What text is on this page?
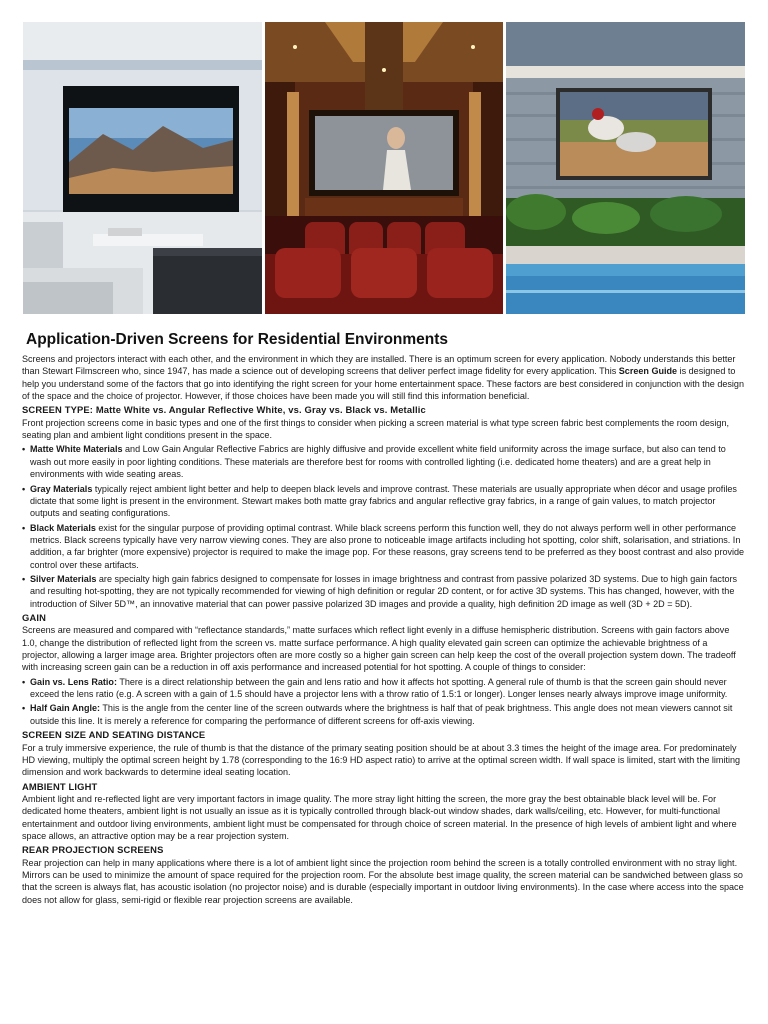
Application-Driven Screens for Residential Environments

Screens and projectors interact with each other, and the environment in which they are installed. There is an optimum screen for every application. Nobody understands this better than Stewart Filmscreen who, since 1947, has made a science out of developing screens that deliver perfect image fidelity for every application. This Screen Guide is designed to help you understand some of the factors that go into identifying the right screen for your home entertainment space. These factors are best considered in conjunction with the design of the space and the choice of projector. However, if those choices have been made you will still find this information beneficial.

SCREEN TYPE: Matte White vs. Angular Reflective White, vs. Gray vs. Black vs. Metallic

Front projection screens come in basic types and one of the first things to consider when picking a screen material is what type screen fabric best complements the room design, seating plan and ambient light conditions present in the space.

• Matte White Materials and Low Gain Angular Reflective Fabrics are highly diffusive and provide excellent white field uniformity across the image surface, but also can tend to wash out more easily in poor lighting conditions. These materials are therefore best for rooms with controlled lighting (i.e. dedicated home theaters) and are a great help in environments with wide seating areas.
• Gray Materials typically reject ambient light better and help to deepen black levels and improve contrast. These materials are usually appropriate when décor and usage profiles dictate that some light is present in the environment. Stewart makes both matte gray fabrics and angular reflective gray fabrics, in a range of gain values, to match projector outputs and seating configurations.
• Black Materials exist for the singular purpose of providing optimal contrast. While black screens perform this function well, they do not always perform well in other performance metrics. Black screens typically have very narrow viewing cones. They are also prone to noticeable image artifacts including hot spotting, color shift, solarisation, and striations. In addition, a far brighter (more expensive) projector is required to make the image pop. For these reasons, gray screens tend to be preferred as they boost contrast and also provide control over these artifacts.
• Silver Materials are specialty high gain fabrics designed to compensate for losses in image brightness and contrast from passive polarized 3D systems. Due to high gain factors and resulting hot-spotting, they are not typically recommended for viewing of high definition or regular 2D content, or for active 3D systems. This has changed, however, with the introduction of Silver 5D™, an innovative material that can power passive polarized 3D images and provide a quality, high definition 2D image as well (3D + 2D = 5D).
GAIN

Screens are measured and compared with “reflectance standards,” matte surfaces which reflect light evenly in a diffuse hemispheric distribution. Screens with gain factors above 1.0, change the distribution of reflected light from the screen vs. matte surface performance. A high quality elevated gain screen can optimize the achievable brightness of a projector, allowing a larger image area. Brighter projectors often are more costly so a higher gain screen can help keep the cost of the overall projection system down. The tradeoff with increasing screen gain can be a reduction in off axis performance and increased potential for hot spotting. A couple of things to consider:

• Gain vs. Lens Ratio: There is a direct relationship between the gain and lens ratio and how it affects hot spotting. A general rule of thumb is that the screen gain should never exceed the lens ratio (e.g. A screen with a gain of 1.5 should have a projector lens with a throw ratio of 1.5:1 or longer). Longer lenses nearly always improve image uniformity.
• Half Gain Angle: This is the angle from the center line of the screen outwards where the brightness is half that of peak brightness. This angle does not mean viewers cannot sit outside this line. It is merely a reference for comparing the performance of different screens for off-axis viewing.
SCREEN SIZE AND SEATING DISTANCE

For a truly immersive experience, the rule of thumb is that the distance of the primary seating position should be at about 3.3 times the height of the image area. For predominately HD viewing, multiply the optimal screen height by 1.78 (corresponding to the 16:9 HD aspect ratio) to arrive at the optimal screen width. If wall space is limited, start with the limiting dimension and work backwards to determine ideal seating location.

AMBIENT LIGHT

Ambient light and re-reflected light are very important factors in image quality. The more stray light hitting the screen, the more gray the best obtainable black level will be. For dedicated home theaters, ambient light is not usually an issue as it is typically controlled through black-out window shades, dark walls/ceiling, etc. However, for multi-functional entertainment and outdoor living environments, ambient light must be compensated for through choice of screen material. In the presence of high levels of ambient light and where space allows, an attractive option may be a rear projection system.

REAR PROJECTION SCREENS

Rear projection can help in many applications where there is a lot of ambient light since the projection room behind the screen is a totally controlled environment with no stray light. Mirrors can be used to minimize the amount of space required for the projection room. For the absolute best image quality, the screen material can be sandwiched between glass so that the screen is always flat, has acoustic isolation (no projector noise) and is durable (especially important in outdoor living environments). In the case where access into the space does not allow for glass, semi-rigid or flexible rear projection screens are available.
